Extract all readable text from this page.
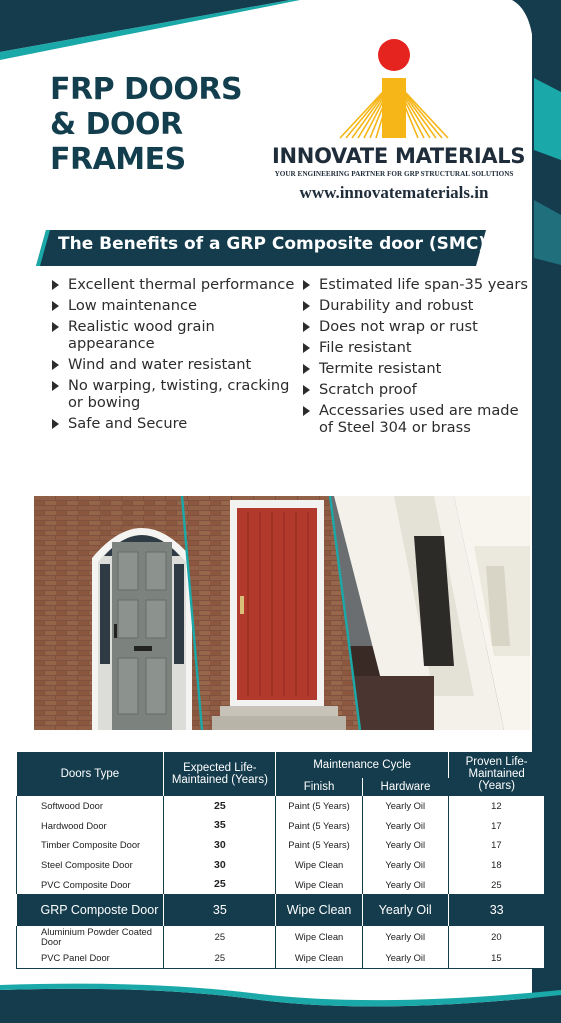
FRP DOORS
& DOOR
FRAMES	INNOVATE MATERIALS
YOUR ENGINEERING PARTNER FOR GRP STRUCTURAL SOLUTIONS
www.innovatematerials.in
The Benefits of a GRP Composite door (SMC)
Excellent thermal performance
Low maintenance
Realistic wood grain appearance
Wind and water resistant
No warping, twisting, cracking or bowing
Safe and Secure
Estimated life span-35 years
Durability and robust
Does not wrap or rust
File resistant
Termite resistant
Scratch proof
Accessaries used are made of Steel 304 or brass
Doors Type	Expected Life-Maintained (Years)	Maintenance Cycle		Proven Life-Maintained (Years)
		Finish	Hardware	
Softwood Door	25	Paint (5 Years)	Yearly Oil	12
Hardwood Door	35	Paint (5 Years)	Yearly Oil	17
Timber Composite Door	30	Paint (5 Years)	Yearly Oil	17
Steel Composite Door	30	Wipe Clean	Yearly Oil	18
PVC Composite Door	25	Wipe Clean	Yearly Oil	25
GRP Composte Door	35	Wipe Clean	Yearly Oil	33
Aluminium Powder Coated Door	25	Wipe Clean	Yearly Oil	20
PVC Panel Door	25	Wipe Clean	Yearly Oil	15
